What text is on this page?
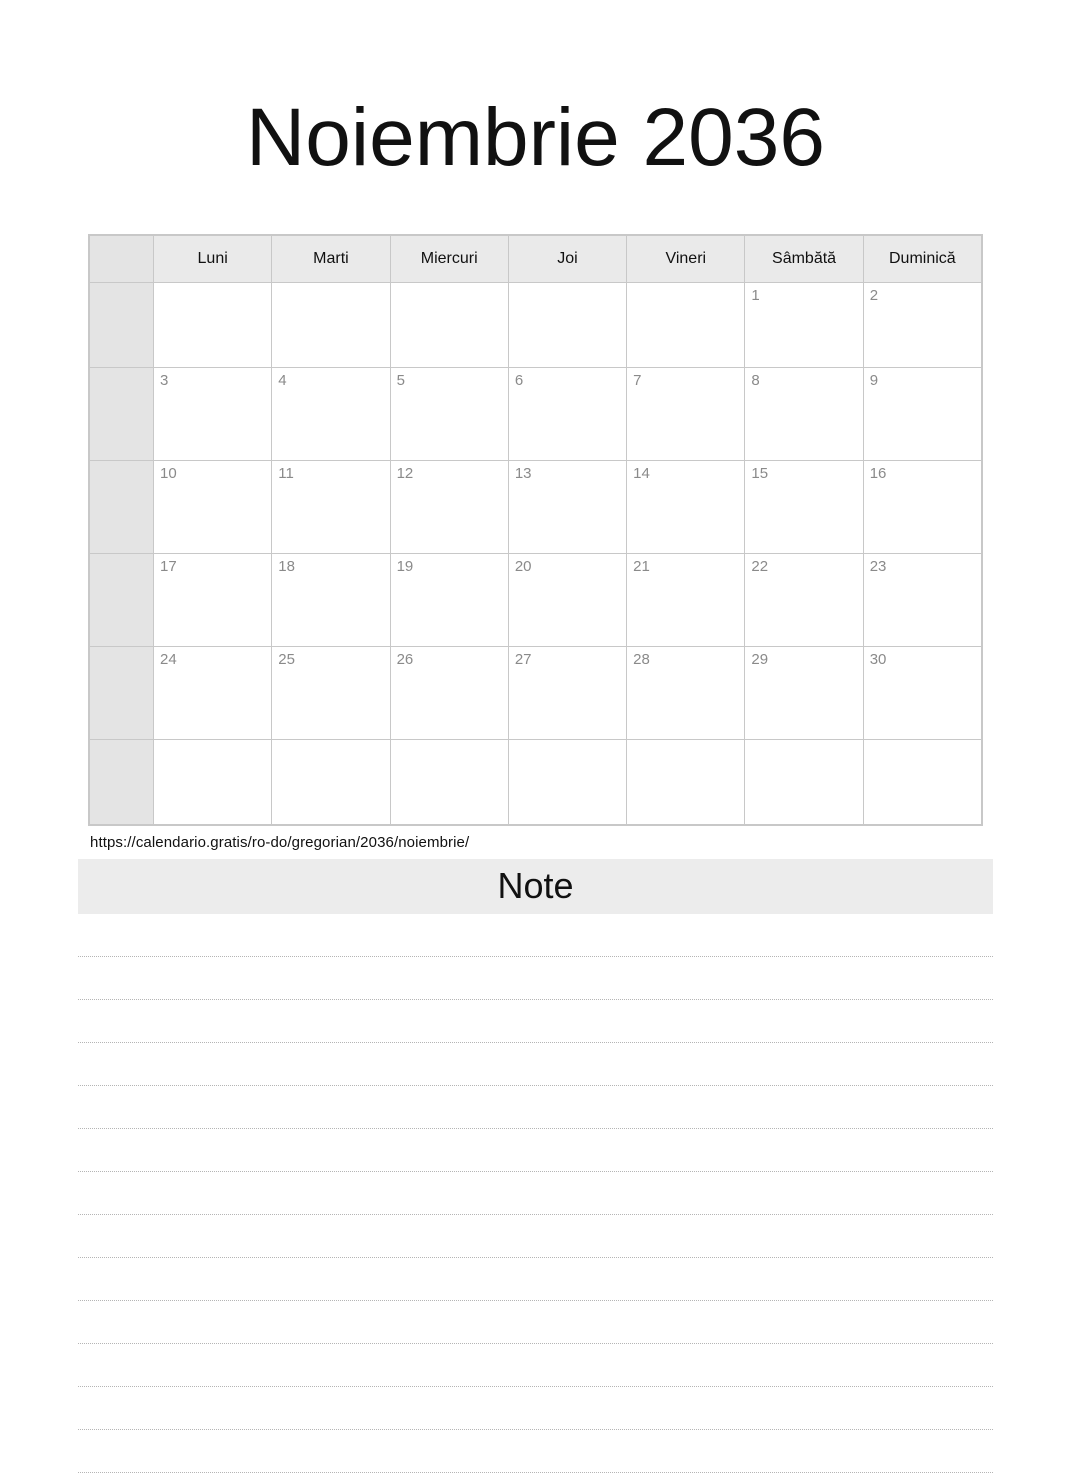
Noiembrie 2036
	Luni	Marti	Miercuri	Joi	Vineri	Sâmbătă	Duminică
						1	2
	3	4	5	6	7	8	9
	10	11	12	13	14	15	16
	17	18	19	20	21	22	23
	24	25	26	27	28	29	30

https://calendario.gratis/ro-do/gregorian/2036/noiembrie/
Note
